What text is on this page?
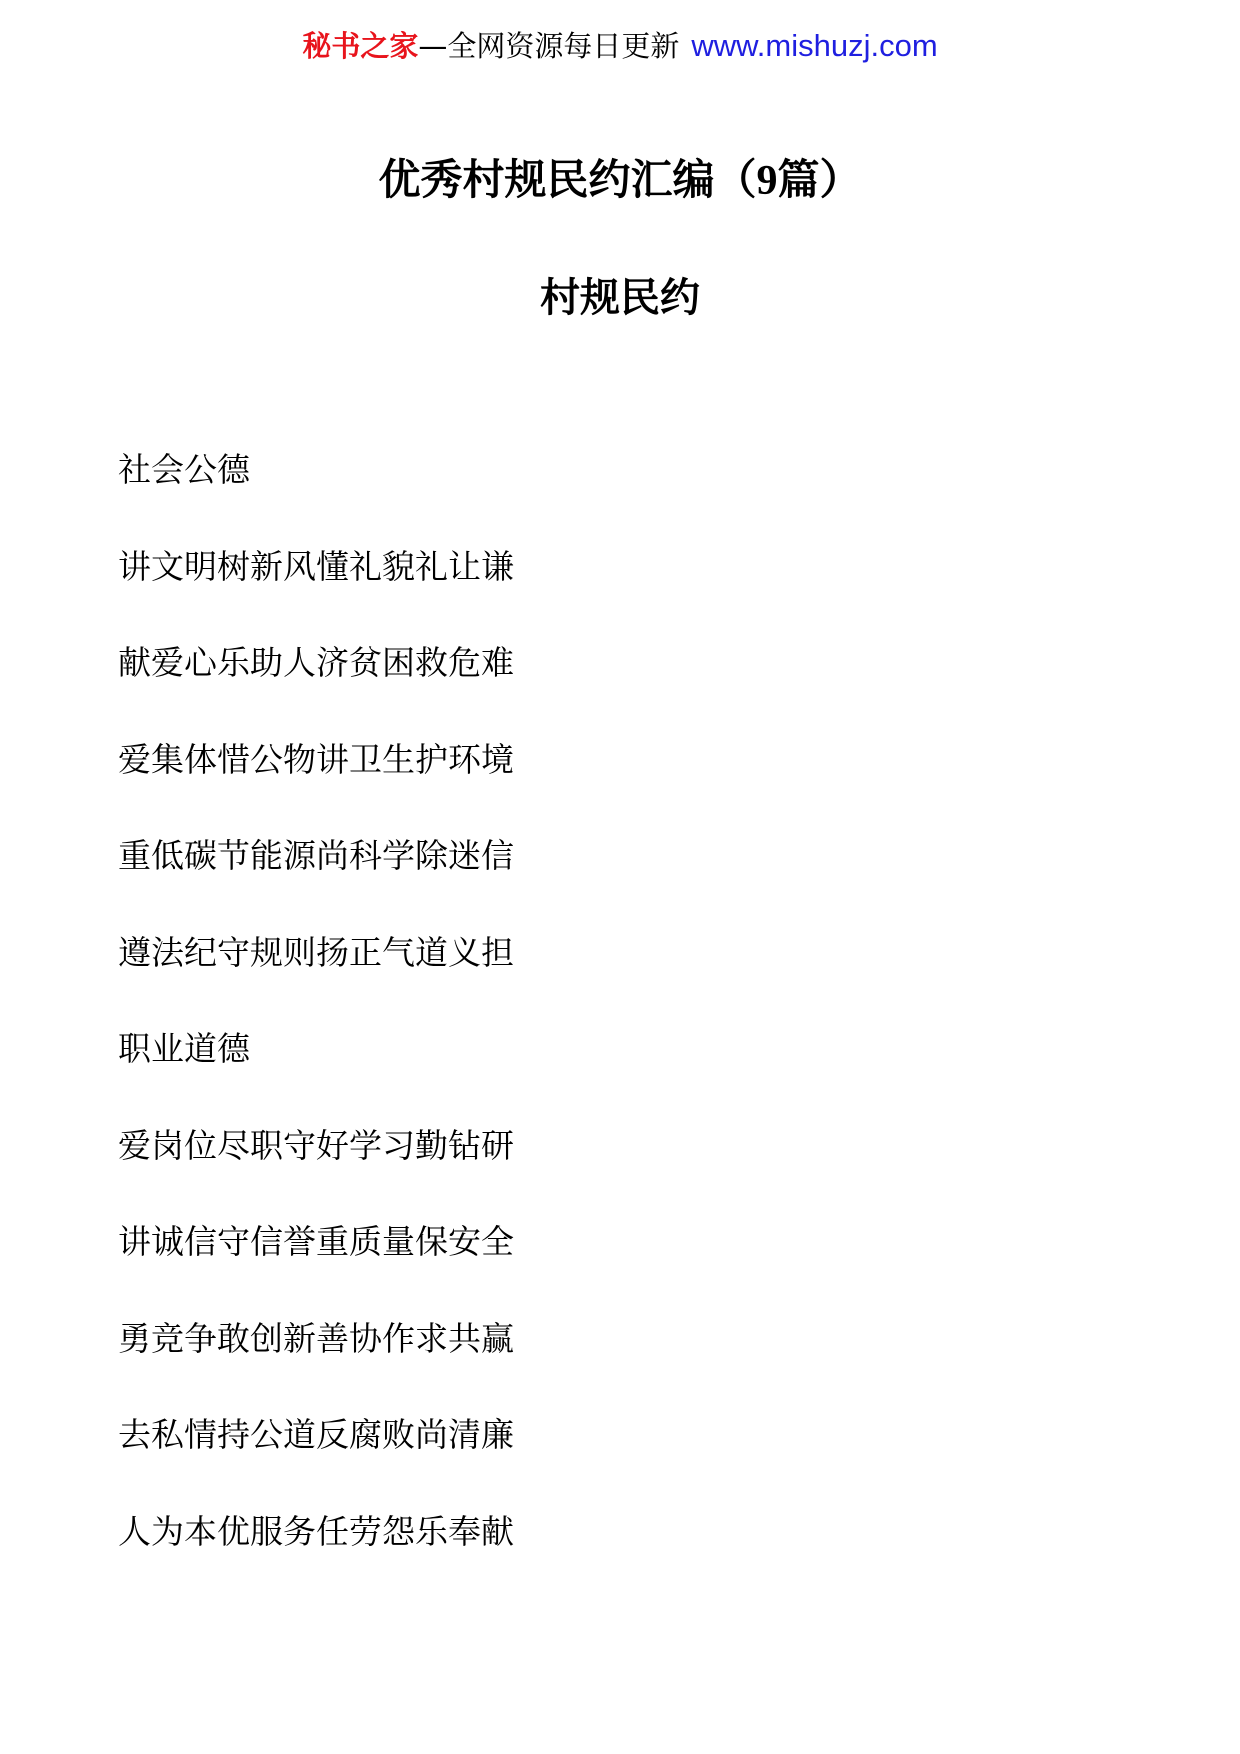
秘书之家—全网资源每日更新 www.mishuzj.com
优秀村规民约汇编（9篇）
村规民约
社会公德
讲文明树新风懂礼貌礼让谦
献爱心乐助人济贫困救危难
爱集体惜公物讲卫生护环境
重低碳节能源尚科学除迷信
遵法纪守规则扬正气道义担
职业道德
爱岗位尽职守好学习勤钻研
讲诚信守信誉重质量保安全
勇竞争敢创新善协作求共赢
去私情持公道反腐败尚清廉
人为本优服务任劳怨乐奉献
